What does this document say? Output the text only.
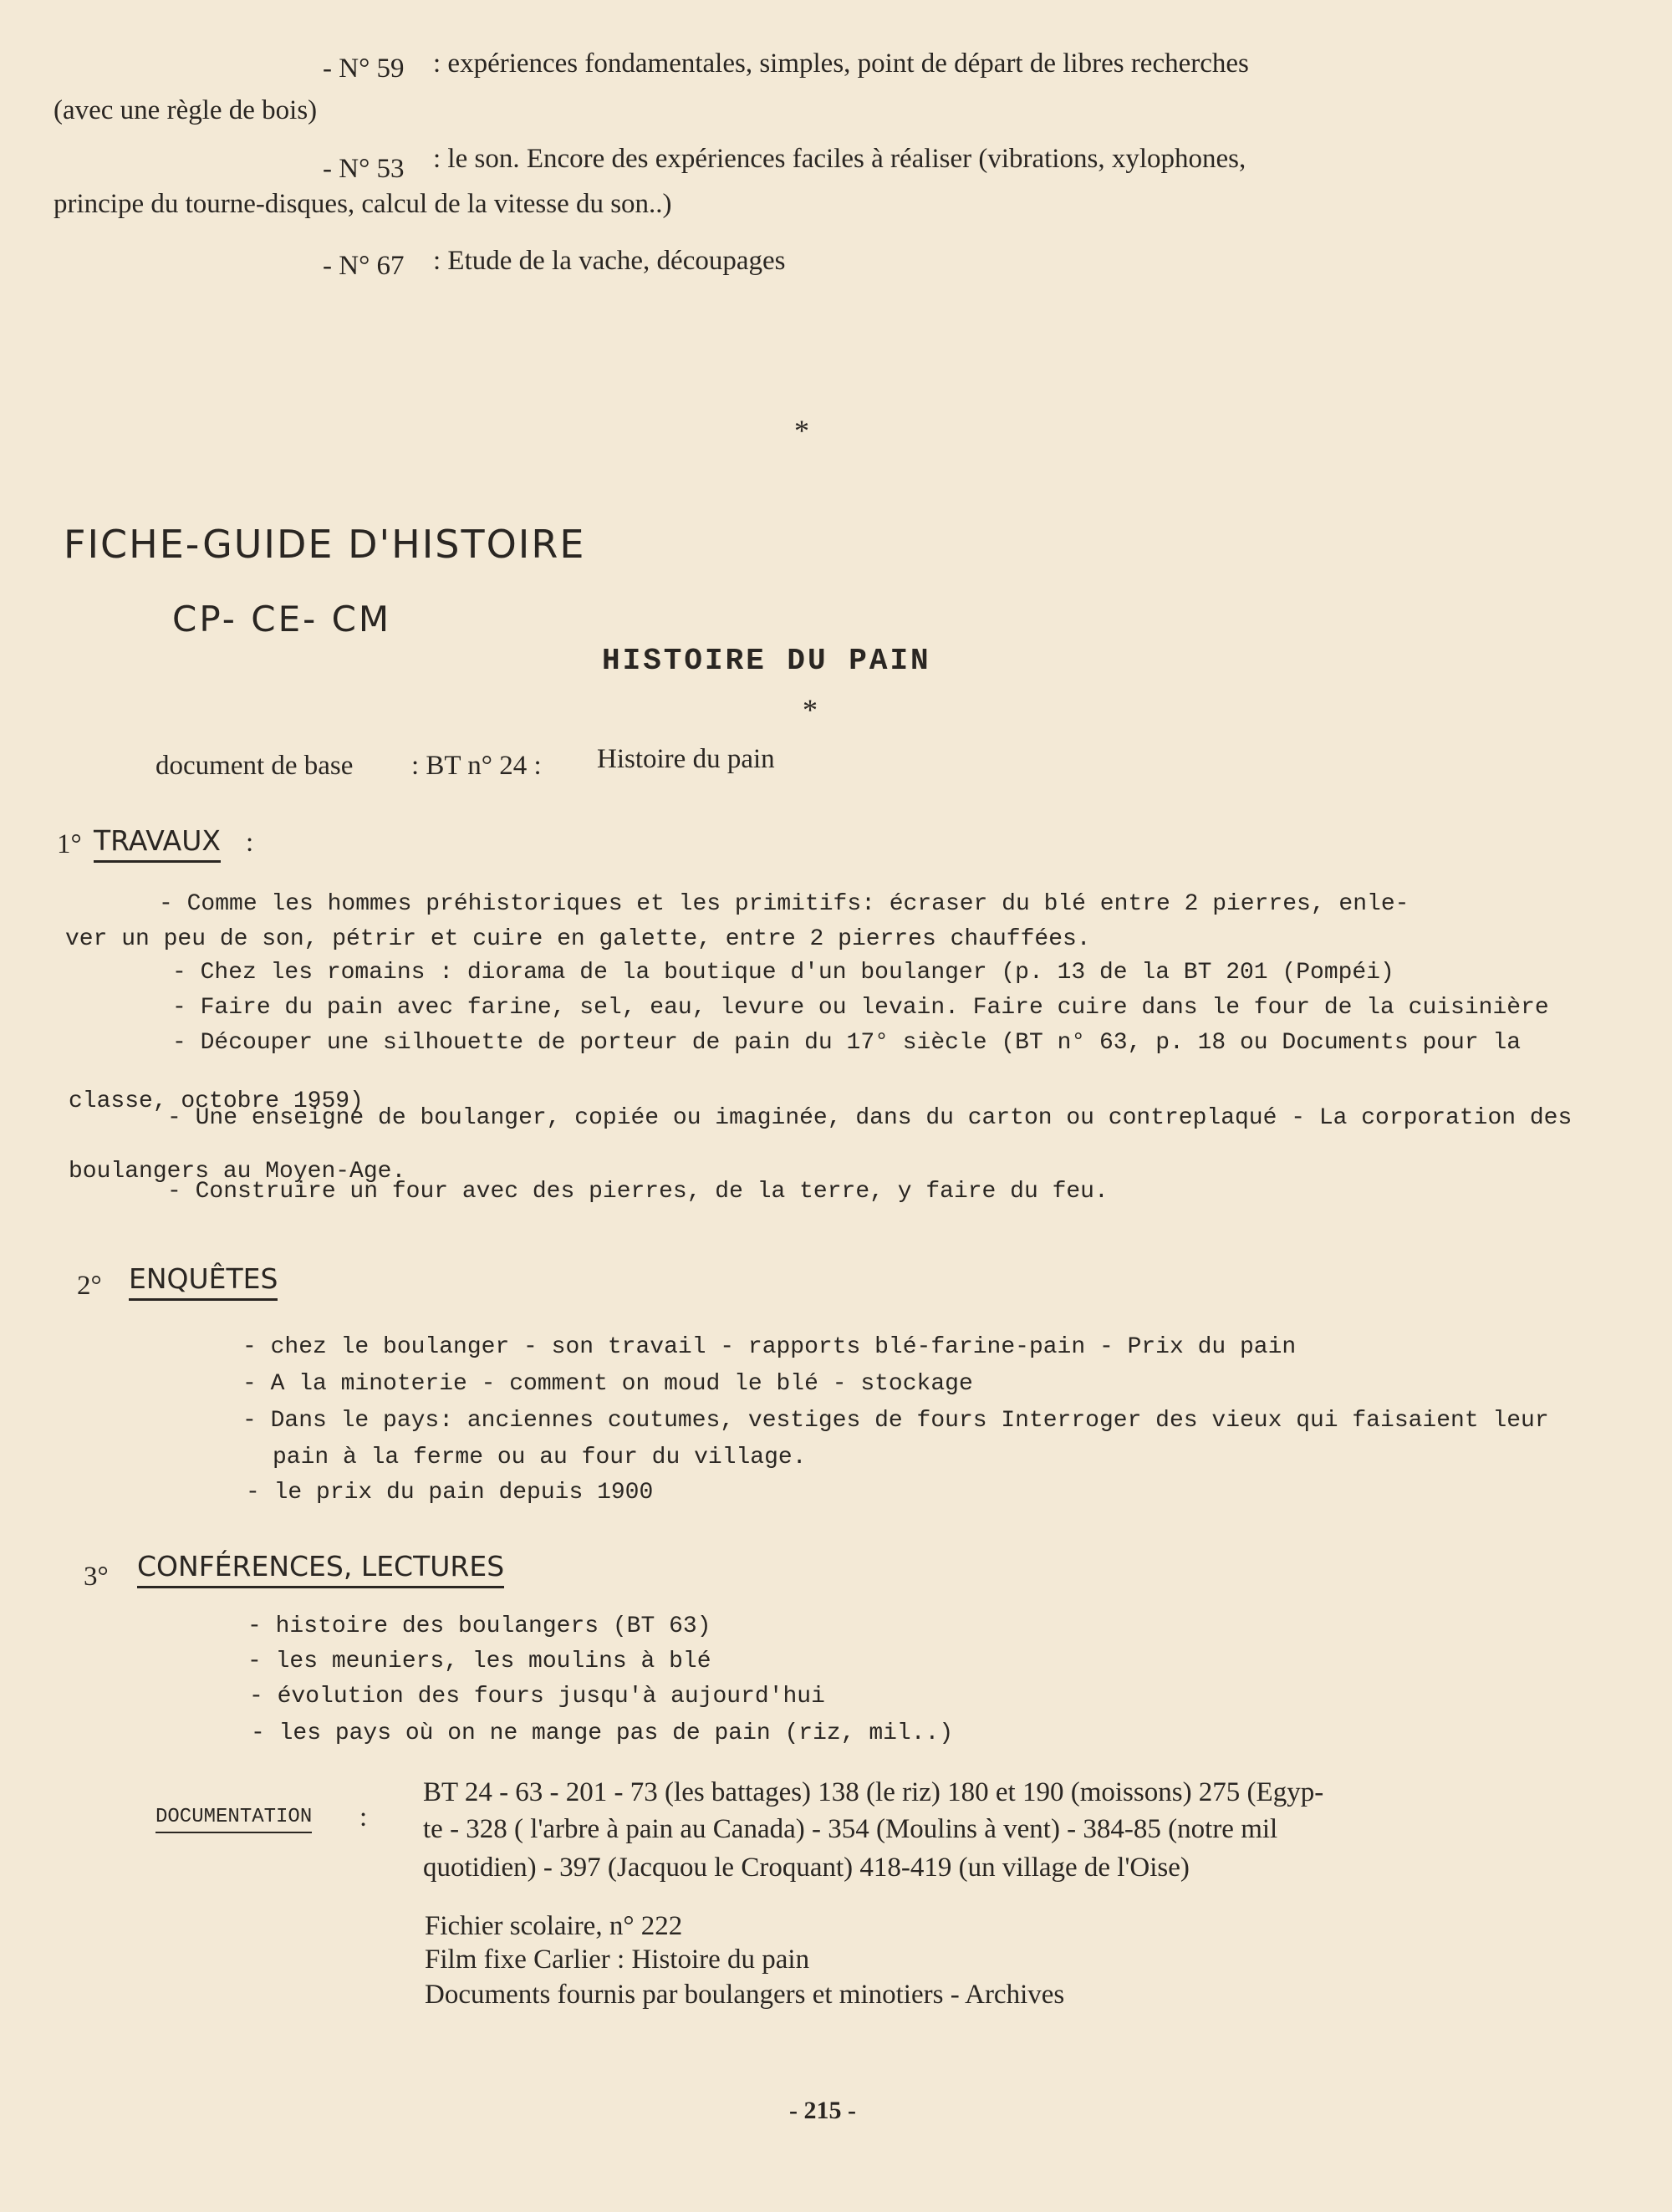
- N° 59 : expériences fondamentales, simples, point de départ de libres recherches
(avec une règle de bois)
- N° 53 : le son. Encore des expériences faciles à réaliser (vibrations, xylophones,
principe du tourne-disques, calcul de la vitesse du son..)
- N° 67 : Etude de la vache, découpages
*
FICHE-GUIDE D'HISTOIRE
CP- CE- CM
HISTOIRE DU PAIN
*
document de base : BT n° 24 : Histoire du pain
1° TRAVAUX :
- Comme les hommes préhistoriques et les primitifs: écraser du blé entre 2 pierres, enle-
ver un peu de son, pétrir et cuire en galette, entre 2 pierres chauffées.
- Chez les romains : diorama de la boutique d'un boulanger (p. 13 de la BT 201 (Pompéi)
- Faire du pain avec farine, sel, eau, levure ou levain. Faire cuire dans le four de la cuisinière
- Découper une silhouette de porteur de pain du 17° siècle (BT n° 63, p. 18 ou Documents pour la
classe, octobre 1959)
- Une enseigne de boulanger, copiée ou imaginée, dans du carton ou contreplaqué - La corporation des
boulangers au Moyen-Age.
- Construire un four avec des pierres, de la terre, y faire du feu.
2° ENQUÊTES
- chez le boulanger - son travail - rapports blé-farine-pain - Prix du pain
- A la minoterie - comment on moud le blé - stockage
- Dans le pays: anciennes coutumes, vestiges de fours Interroger des vieux qui faisaient leur
pain à la ferme ou au four du village.
- le prix du pain depuis 1900
3° CONFÉRENCES, LECTURES
- histoire des boulangers (BT 63)
- les meuniers, les moulins à blé
- évolution des fours jusqu'à aujourd'hui
- les pays où on ne mange pas de pain (riz, mil..)
DOCUMENTATION :
BT 24 - 63 - 201 - 73 (les battages) 138 (le riz) 180 et 190 (moissons) 275 (Egyp-
te - 328 ( l'arbre à pain au Canada) - 354 (Moulins à vent) - 384-85 (notre mil
quotidien) - 397 (Jacquou le Croquant) 418-419 (un village de l'Oise)
Fichier scolaire, n° 222
Film fixe Carlier : Histoire du pain
Documents fournis par boulangers et minotiers - Archives
- 215 -
